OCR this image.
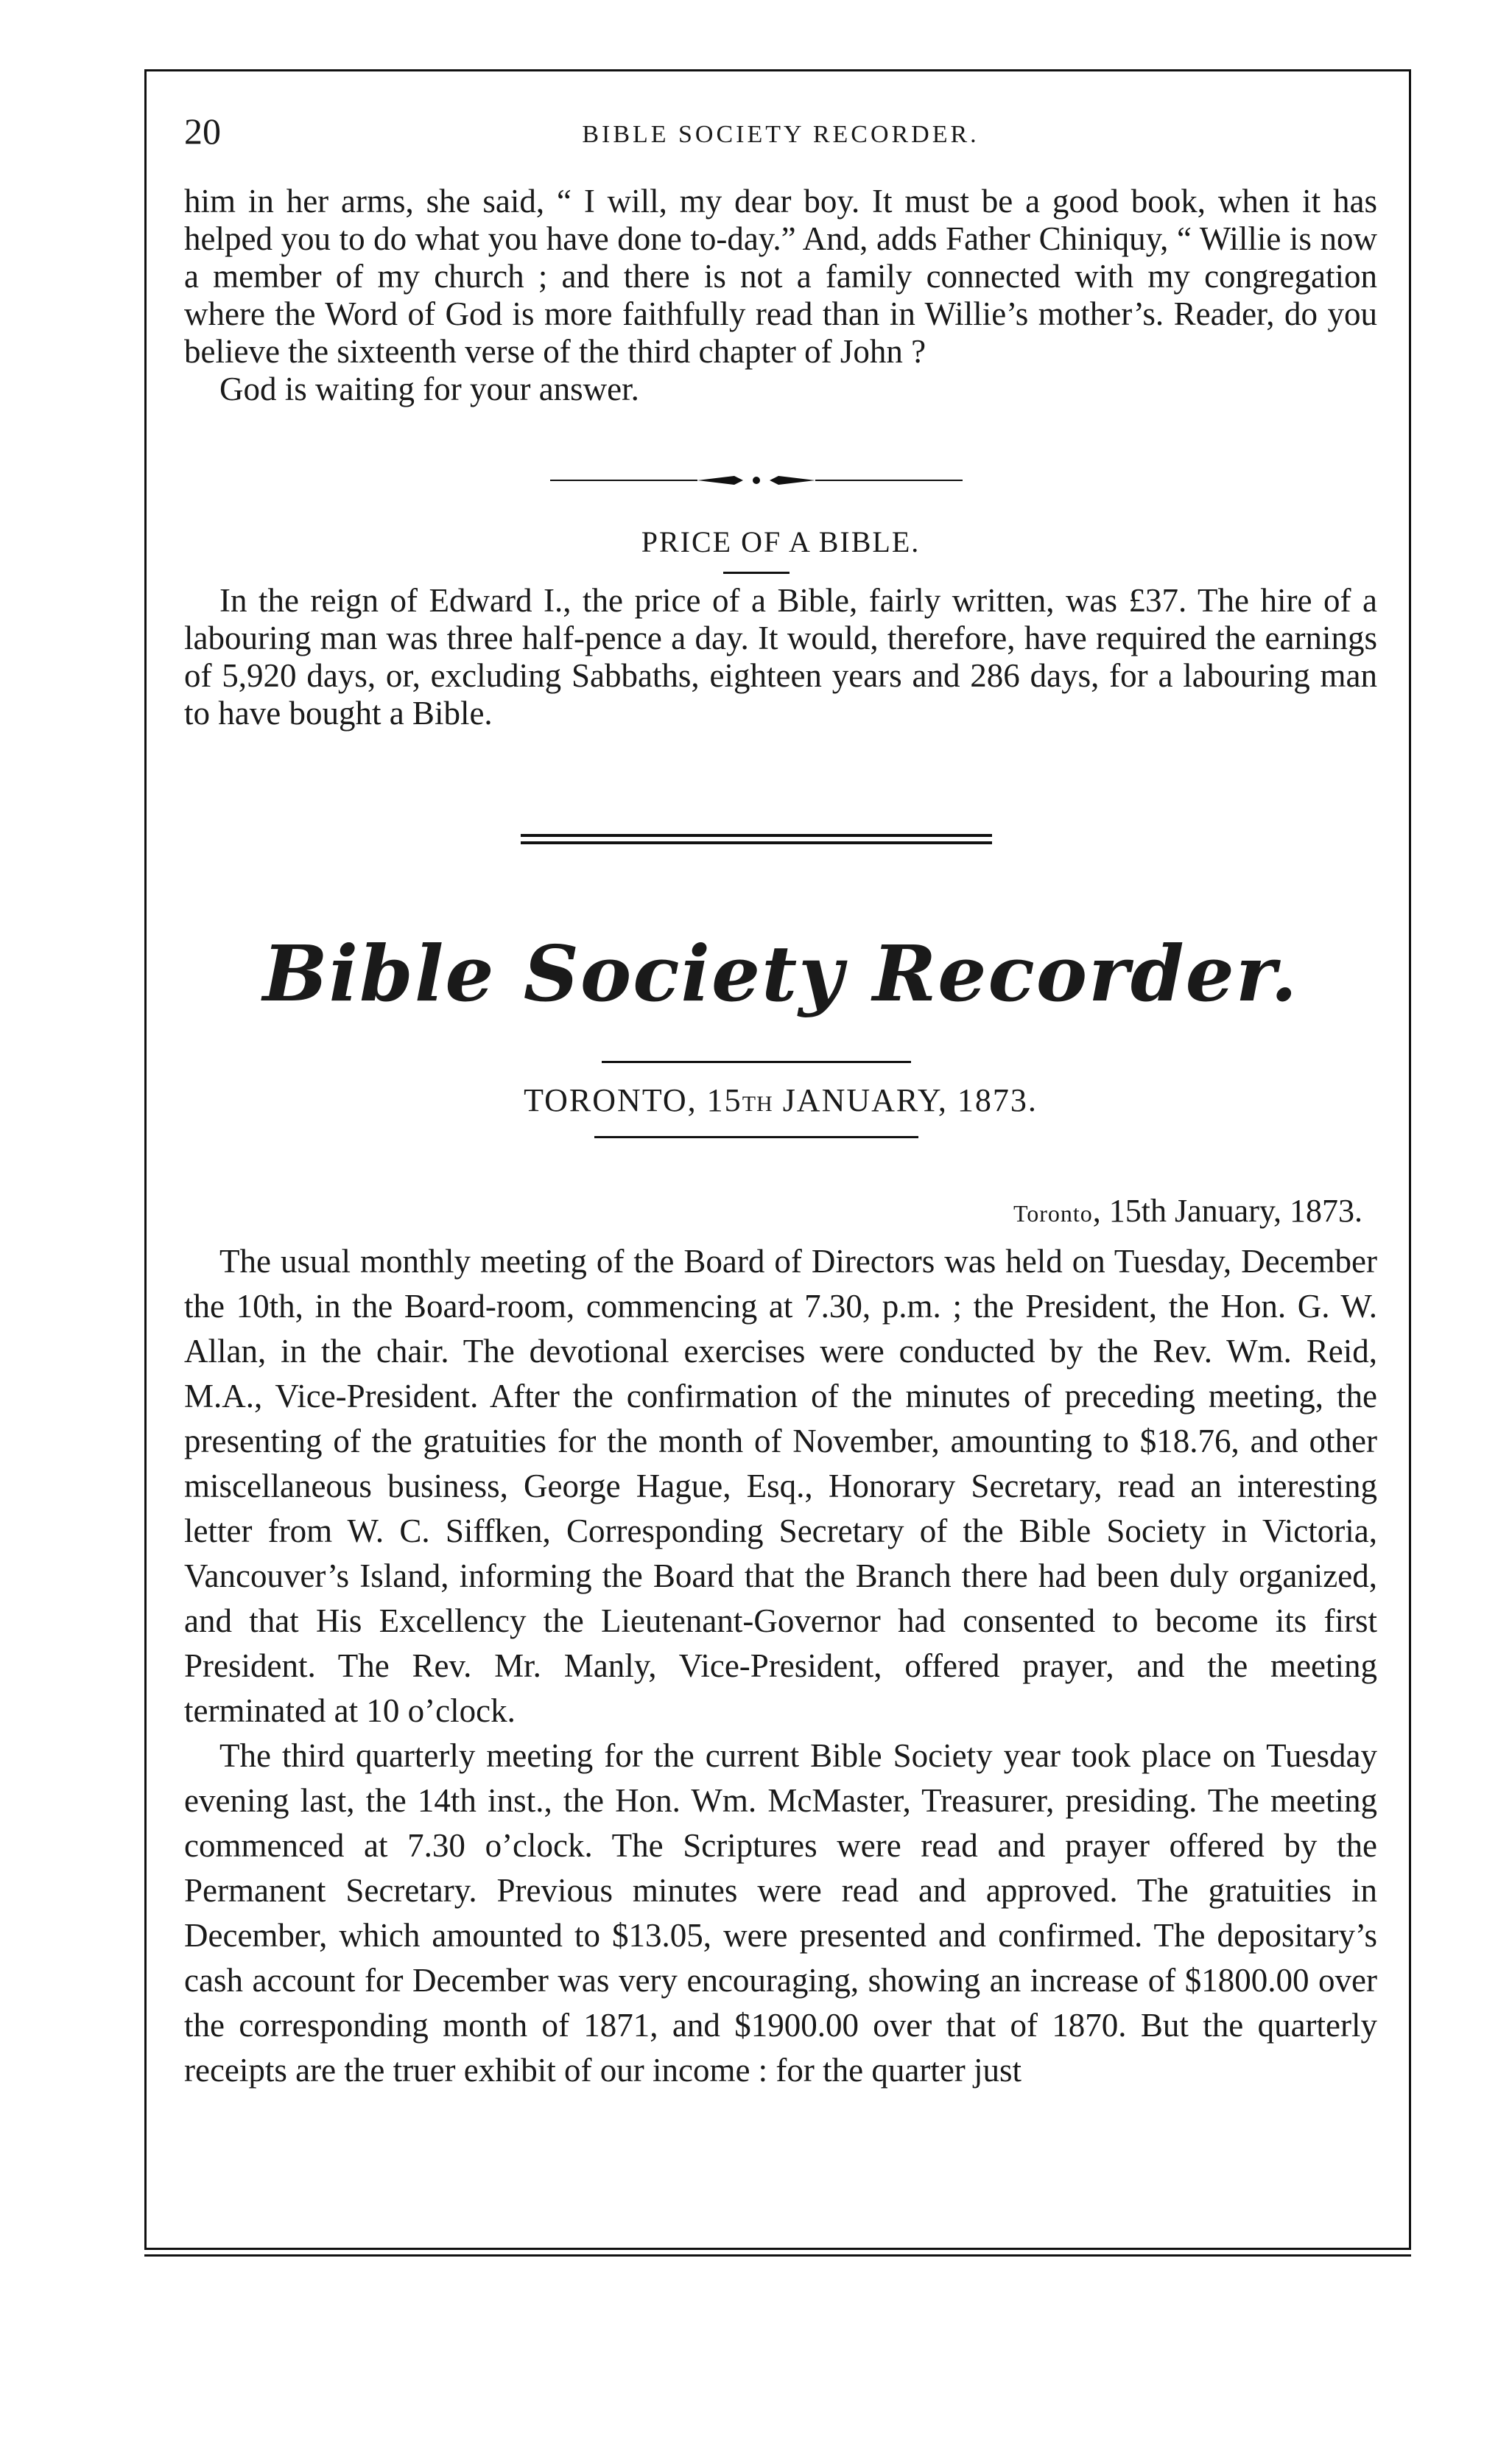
20	BIBLE SOCIETY RECORDER.

him in her arms, she said, “ I will, my dear boy. It must be a good book, when it has helped you to do what you have done to-day.” And, adds Father Chiniquy, “ Willie is now a member of my church ; and there is not a family connected with my congregation where the Word of God is more faithfully read than in Willie’s mother’s. Reader, do you believe the sixteenth verse of the third chapter of John ?

God is waiting for your answer.

PRICE OF A BIBLE.

In the reign of Edward I., the price of a Bible, fairly written, was £37. The hire of a labouring man was three half-pence a day. It would, therefore, have required the earnings of 5,920 days, or, excluding Sabbaths, eighteen years and 286 days, for a labouring man to have bought a Bible.

Bible Society Recorder.

TORONTO, 15TH JANUARY, 1873.

Toronto, 15th January, 1873.

The usual monthly meeting of the Board of Directors was held on Tuesday, December the 10th, in the Board-room, commencing at 7.30, p.m. ; the President, the Hon. G. W. Allan, in the chair. The devotional exercises were conducted by the Rev. Wm. Reid, M.A., Vice-President. After the confirmation of the minutes of preceding meeting, the presenting of the gratuities for the month of November, amounting to $18.76, and other miscellaneous business, George Hague, Esq., Honorary Secretary, read an interesting letter from W. C. Siffken, Corresponding Secretary of the Bible Society in Victoria, Vancouver’s Island, informing the Board that the Branch there had been duly organized, and that His Excellency the Lieutenant-Governor had consented to become its first President. The Rev. Mr. Manly, Vice-President, offered prayer, and the meeting terminated at 10 o’clock.

The third quarterly meeting for the current Bible Society year took place on Tuesday evening last, the 14th inst., the Hon. Wm. McMaster, Treasurer, presiding. The meeting commenced at 7.30 o’clock. The Scriptures were read and prayer offered by the Permanent Secretary. Previous minutes were read and approved. The gratuities in December, which amounted to $13.05, were presented and confirmed. The depositary’s cash account for December was very encouraging, showing an increase of $1800.00 over the corresponding month of 1871, and $1900.00 over that of 1870. But the quarterly receipts are the truer exhibit of our income : for the quarter just
